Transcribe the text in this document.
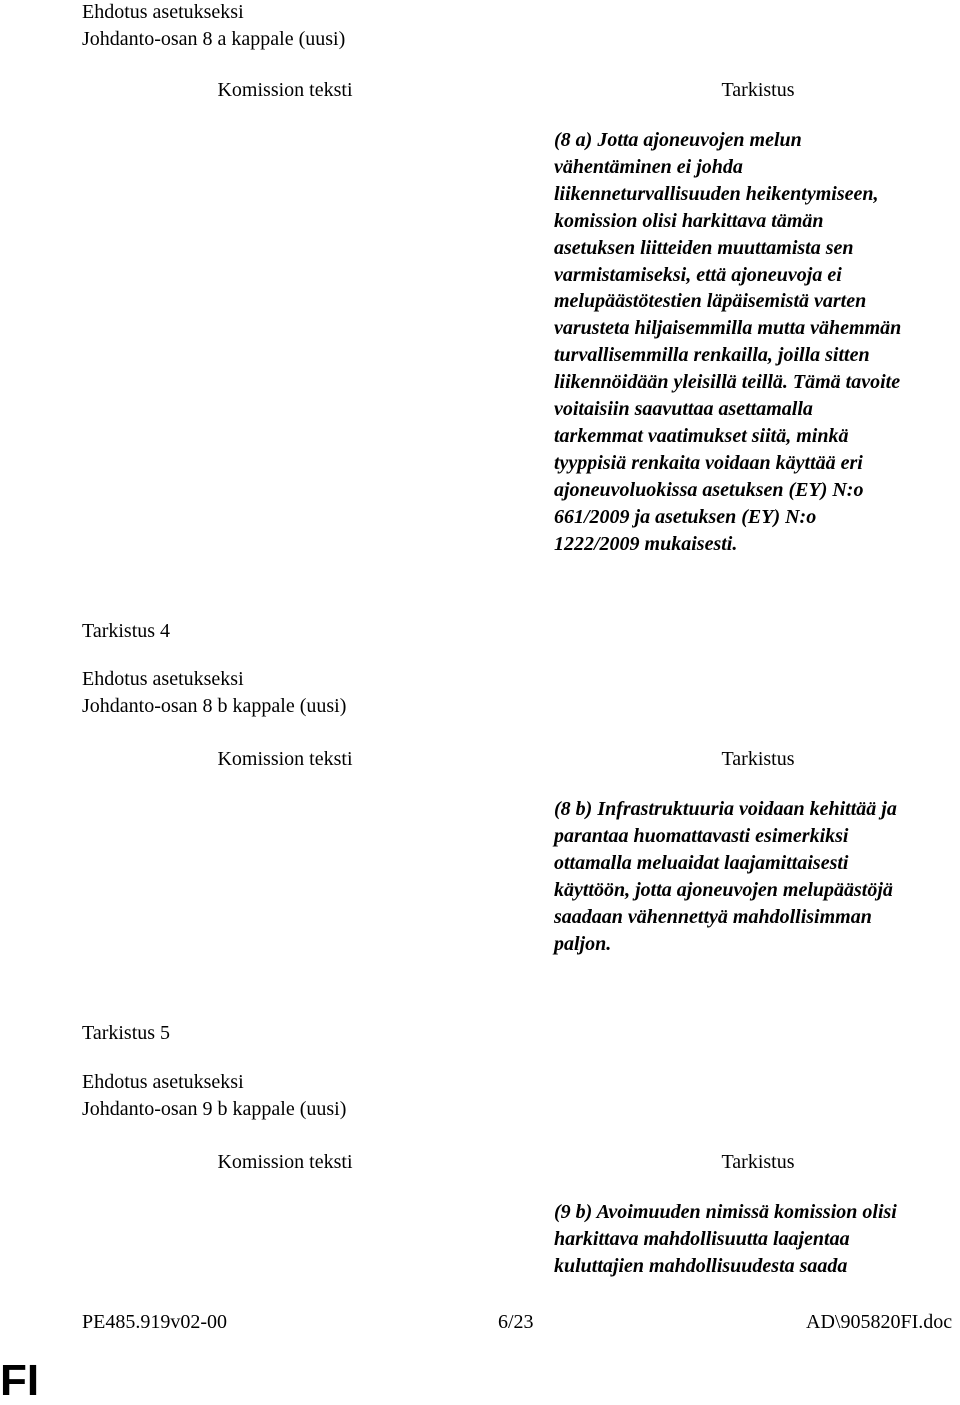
Ehdotus asetukseksi
Johdanto-osan 8 a kappale (uusi)
Komission teksti	Tarkistus

(8 a) Jotta ajoneuvojen melun

vähentäminen ei johda

liikenneturvallisuuden heikentymiseen,

komission olisi harkittava tämän

asetuksen liitteiden muuttamista sen

varmistamiseksi, että ajoneuvoja ei

melupäästötestien läpäisemistä varten

varusteta hiljaisemmilla mutta vähemmän

turvallisemmilla renkailla, joilla sitten

liikennöidään yleisillä teillä. Tämä tavoite

voitaisiin saavuttaa asettamalla

tarkemmat vaatimukset siitä, minkä

tyyppisiä renkaita voidaan käyttää eri

ajoneuvoluokissa asetuksen (EY) N:o

661/2009 ja asetuksen (EY) N:o

1222/2009 mukaisesti.

Tarkistus 4
Ehdotus asetukseksi
Johdanto-osan 8 b kappale (uusi)
Komission teksti	Tarkistus

(8 b) Infrastruktuuria voidaan kehittää ja

parantaa huomattavasti esimerkiksi

ottamalla meluaidat laajamittaisesti

käyttöön, jotta ajoneuvojen melupäästöjä

saadaan vähennettyä mahdollisimman

paljon.

Tarkistus 5
Ehdotus asetukseksi
Johdanto-osan 9 b kappale (uusi)
Komission teksti	Tarkistus

(9 b) Avoimuuden nimissä komission olisi

harkittava mahdollisuutta laajentaa

kuluttajien mahdollisuudesta saada

PE485.919v02-00	6/23	AD\905820FI.doc
FI
